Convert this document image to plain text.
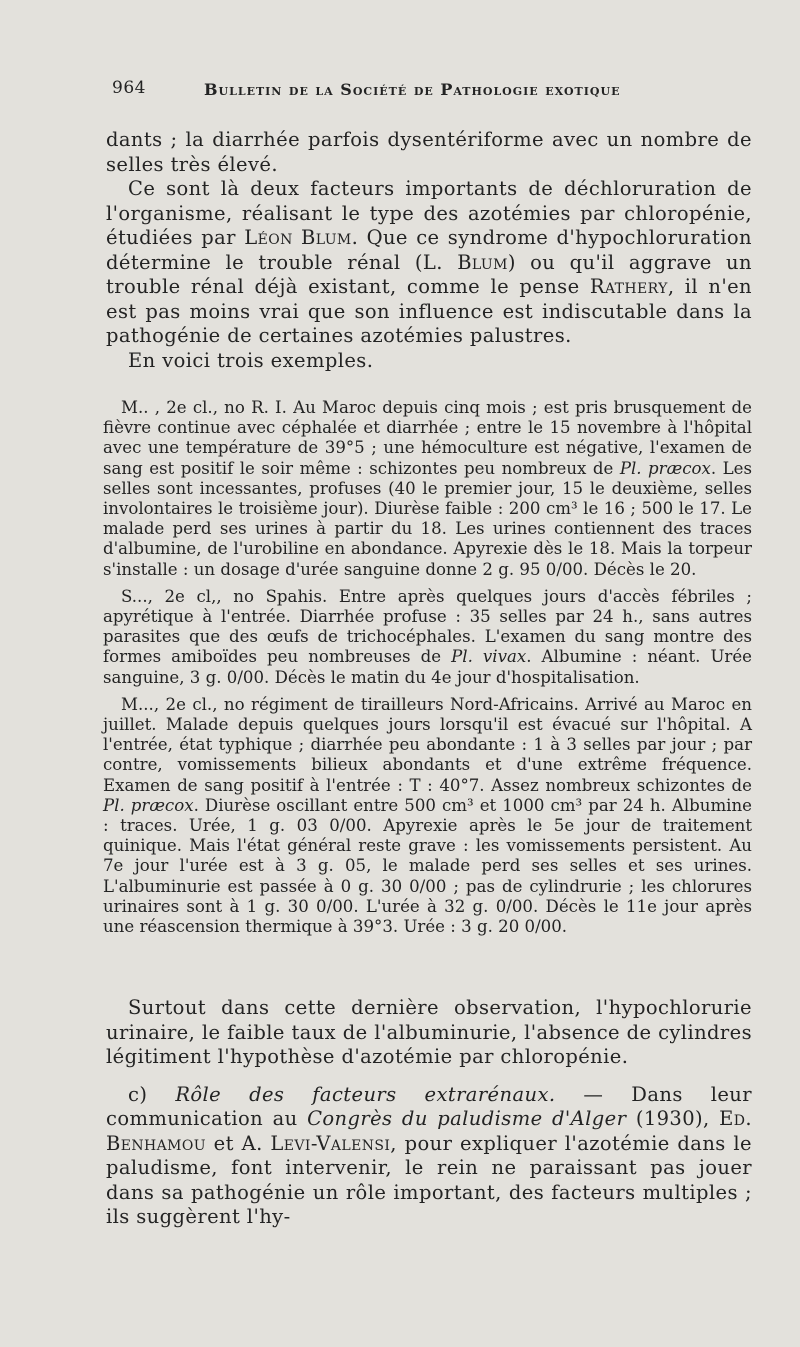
964	Bulletin de la Société de Pathologie exotique

dants ; la diarrhée parfois dysentériforme avec un nombre de selles très élevé.

Ce sont là deux facteurs importants de déchloruration de l'organisme, réalisant le type des azotémies par chloropénie, étudiées par Léon Blum. Que ce syndrome d'hypochloruration détermine le trouble rénal (L. Blum) ou qu'il aggrave un trouble rénal déjà existant, comme le pense Rathery, il n'en est pas moins vrai que son influence est indiscutable dans la pathogénie de certaines azotémies palustres.

En voici trois exemples.

M.. , 2e cl., no R. I. Au Maroc depuis cinq mois ; est pris brusquement de fièvre continue avec céphalée et diarrhée ; entre le 15 novembre à l'hôpital avec une température de 39°5 ; une hémoculture est négative, l'examen de sang est positif le soir même : schizontes peu nombreux de Pl. præcox. Les selles sont incessantes, profuses (40 le premier jour, 15 le deuxième, selles involontaires le troisième jour). Diurèse faible : 200 cm³ le 16 ; 500 le 17. Le malade perd ses urines à partir du 18. Les urines contiennent des traces d'albumine, de l'urobiline en abondance. Apyrexie dès le 18. Mais la torpeur s'installe : un dosage d'urée sanguine donne 2 g. 95 0/00. Décès le 20.

S..., 2e cl,, no Spahis. Entre après quelques jours d'accès fébriles ; apyrétique à l'entrée. Diarrhée profuse : 35 selles par 24 h., sans autres parasites que des œufs de trichocéphales. L'examen du sang montre des formes amiboïdes peu nombreuses de Pl. vivax. Albumine : néant. Urée sanguine, 3 g. 0/00. Décès le matin du 4e jour d'hospitalisation.

M..., 2e cl., no régiment de tirailleurs Nord-Africains. Arrivé au Maroc en juillet. Malade depuis quelques jours lorsqu'il est évacué sur l'hôpital. A l'entrée, état typhique ; diarrhée peu abondante : 1 à 3 selles par jour ; par contre, vomissements bilieux abondants et d'une extrême fréquence. Examen de sang positif à l'entrée : T : 40°7. Assez nombreux schizontes de Pl. præcox. Diurèse oscillant entre 500 cm³ et 1000 cm³ par 24 h. Albumine : traces. Urée, 1 g. 03 0/00. Apyrexie après le 5e jour de traitement quinique. Mais l'état général reste grave : les vomissements persistent. Au 7e jour l'urée est à 3 g. 05, le malade perd ses selles et ses urines. L'albuminurie est passée à 0 g. 30 0/00 ; pas de cylindrurie ; les chlorures urinaires sont à 1 g. 30 0/00. L'urée à 32 g. 0/00. Décès le 11e jour après une réascension thermique à 39°3. Urée : 3 g. 20 0/00.

Surtout dans cette dernière observation, l'hypochlorurie urinaire, le faible taux de l'albuminurie, l'absence de cylindres légitiment l'hypothèse d'azotémie par chloropénie.

c) Rôle des facteurs extrarénaux. — Dans leur communication au Congrès du paludisme d'Alger (1930), Ed. Benhamou et A. Levi-Valensi, pour expliquer l'azotémie dans le paludisme, font intervenir, le rein ne paraissant pas jouer dans sa pathogénie un rôle important, des facteurs multiples ; ils suggèrent l'hy-
